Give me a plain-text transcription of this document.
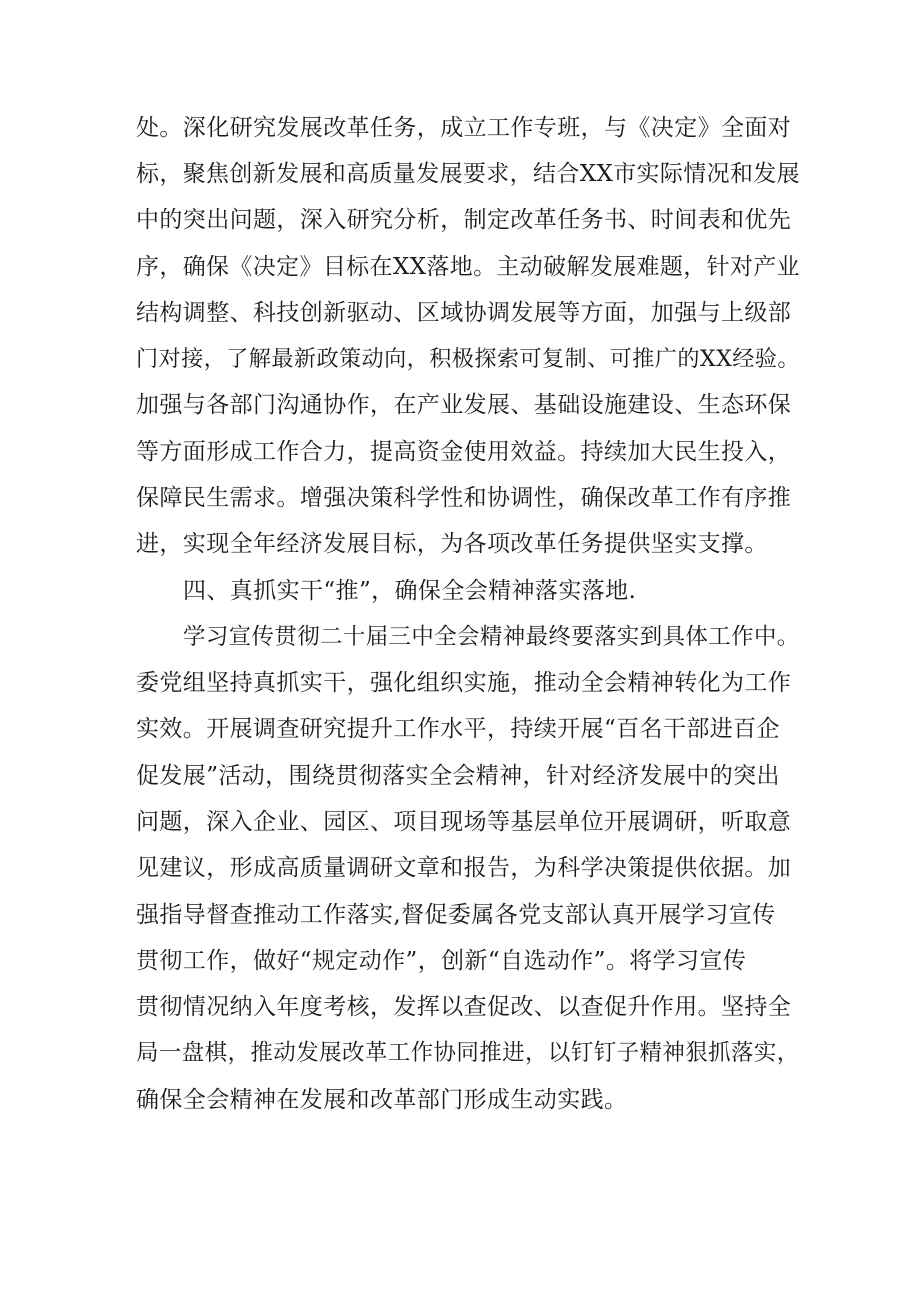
处。深化研究发展改革任务，成立工作专班，与《决定》全面对
标，聚焦创新发展和高质量发展要求，结合XX市实际情况和发展
中的突出问题，深入研究分析，制定改革任务书、时间表和优先
序，确保《决定》目标在XX落地。主动破解发展难题，针对产业
结构调整、科技创新驱动、区域协调发展等方面，加强与上级部
门对接，了解最新政策动向，积极探索可复制、可推广的XX经验。
加强与各部门沟通协作，在产业发展、基础设施建设、生态环保
等方面形成工作合力，提高资金使用效益。持续加大民生投入，
保障民生需求。增强决策科学性和协调性，确保改革工作有序推
进，实现全年经济发展目标，为各项改革任务提供坚实支撑。
四、真抓实干“推”，确保全会精神落实落地.
学习宣传贯彻二十届三中全会精神最终要落实到具体工作中。
委党组坚持真抓实干，强化组织实施，推动全会精神转化为工作
实效。开展调查研究提升工作水平，持续开展“百名干部进百企
促发展”活动，围绕贯彻落实全会精神，针对经济发展中的突出
问题，深入企业、园区、项目现场等基层单位开展调研，听取意
见建议，形成高质量调研文章和报告，为科学决策提供依据。加
强指导督查推动工作落实,督促委属各党支部认真开展学习宣传
贯彻工作，做好“规定动作”，创新“自选动作”。将学习宣传
贯彻情况纳入年度考核，发挥以查促改、以查促升作用。坚持全
局一盘棋，推动发展改革工作协同推进，以钉钉子精神狠抓落实，
确保全会精神在发展和改革部门形成生动实践。
